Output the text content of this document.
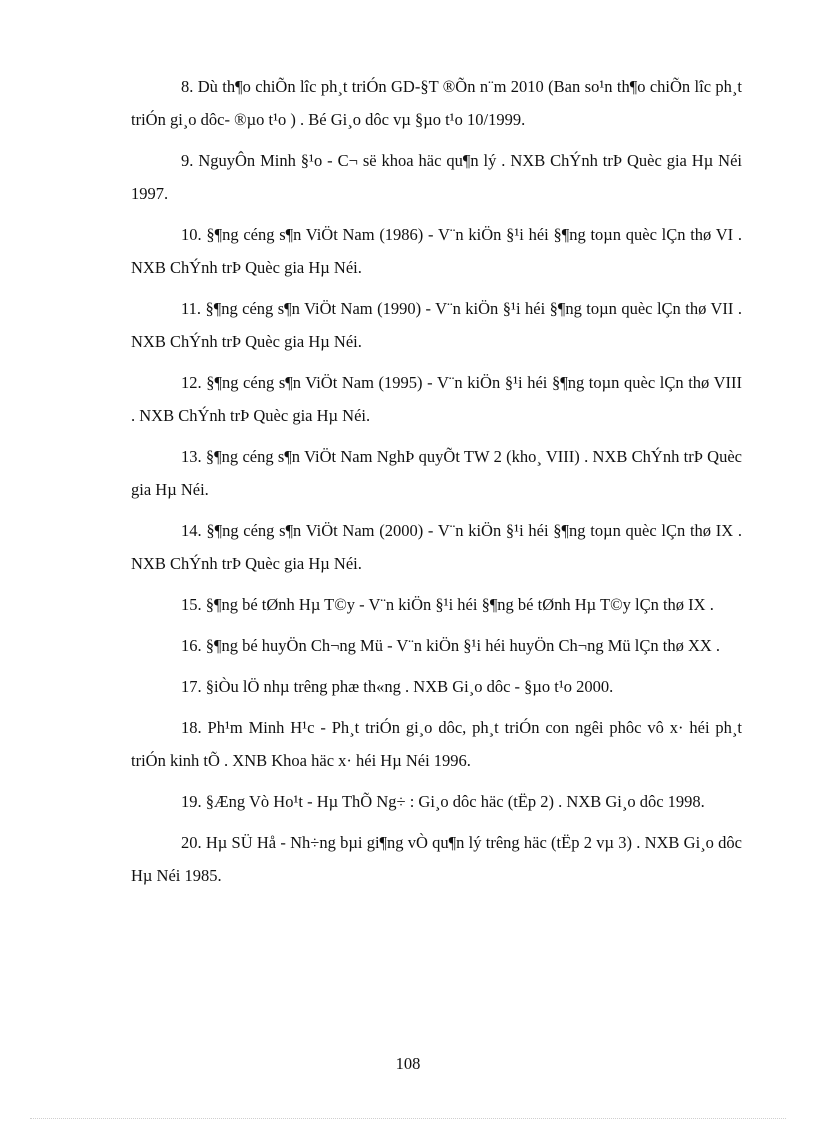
8. Dù th¶o chiÕn lîc ph¸t triÓn GD-§T ®Õn n¨m 2010 (Ban so¹n th¶o chiÕn lîc ph¸t triÓn gi¸o dôc- ®µo t¹o ) . Bé Gi¸o dôc vµ §µo t¹o 10/1999.

9. NguyÔn Minh §¹o - C¬ së khoa häc qu¶n lý . NXB ChÝnh trÞ Quèc gia Hµ Néi 1997.

10. §¶ng céng s¶n ViÖt Nam (1986) - V¨n kiÖn §¹i héi §¶ng toµn quèc lÇn thø VI . NXB ChÝnh trÞ Quèc gia Hµ Néi.

11. §¶ng céng s¶n ViÖt Nam (1990) - V¨n kiÖn §¹i héi §¶ng toµn quèc lÇn thø VII . NXB ChÝnh trÞ Quèc gia Hµ Néi.

12. §¶ng céng s¶n ViÖt Nam (1995) - V¨n kiÖn §¹i héi §¶ng toµn quèc lÇn thø VIII . NXB ChÝnh trÞ Quèc gia Hµ Néi.

13. §¶ng céng s¶n ViÖt Nam NghÞ quyÕt TW 2 (kho¸ VIII) . NXB ChÝnh trÞ Quèc gia Hµ Néi.

14. §¶ng céng s¶n ViÖt Nam (2000) - V¨n kiÖn §¹i héi §¶ng toµn quèc lÇn thø IX . NXB ChÝnh trÞ Quèc gia Hµ Néi.

15. §¶ng bé tØnh Hµ T©y - V¨n kiÖn §¹i héi §¶ng bé tØnh Hµ T©y lÇn thø IX .

16. §¶ng bé huyÖn Ch¬ng Mü - V¨n kiÖn §¹i héi huyÖn Ch¬ng Mü lÇn thø XX .

17. §iÒu lÖ nhµ trêng phæ th«ng . NXB Gi¸o dôc - §µo t¹o 2000.

18. Ph¹m Minh H¹c - Ph¸t triÓn gi¸o dôc, ph¸t triÓn con ngêi phôc vô x· héi ph¸t triÓn kinh tÕ . XNB Khoa häc x· héi Hµ Néi 1996.

19. §Æng Vò Ho¹t - Hµ ThÕ Ng÷ : Gi¸o dôc häc (tËp 2) . NXB Gi¸o dôc 1998.

20. Hµ SÜ Hå - Nh÷ng bµi gi¶ng vÒ qu¶n lý trêng häc (tËp 2 vµ 3) . NXB Gi¸o dôc Hµ Néi 1985.

108
